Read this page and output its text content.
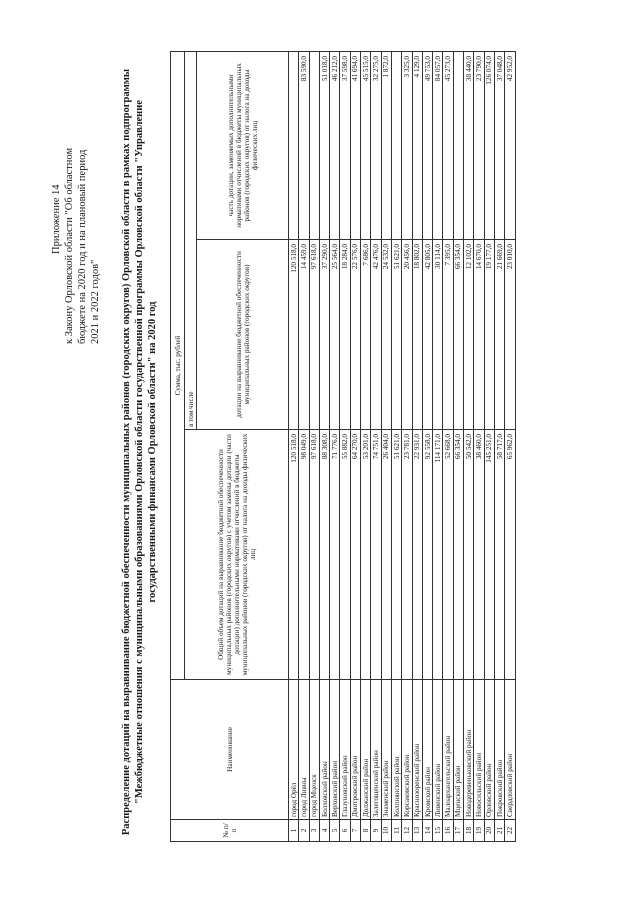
Приложение 14 к Закону Орловской области "Об областном бюджете на 2020 год и на плановый период 2021 и 2022 годов" Распределение дотаций на выравнивание бюджетной обеспеченности муниципальных районов (городских округов) Орловской области в рамках подпрограммы "Межбюджетные отношения с муниципальными образованиями Орловской области государственной программы Орловской области "Управление государственными финансами Орловской области" на 2020 год
№ п/п	Наименование	Сумма, тыс. рублей		
		Общий объем дотаций на выравнивание бюджетной обеспеченности муниципальных районов (городских округов) с учетом замены дотации (части дотации) дополнительными нормативами отчислений в бюджеты муниципальных районов (городских округов) от налога на доходы физических лиц	в том числе	
			дотации на выравнивание бюджетной обеспеченности муниципальных районов (городских округов)	часть дотации, заменяемых дополнительными нормативами отчислений в бюджеты муниципальных районов (городских округов) от налога на доходы физических лиц
1	город Орёл	120 518,0	120 518,0	
2	город Ливны	98 049,0	14 459,0	83 590,0
3	город Мценск	97 618,0	97 618,0	
4	Болховский район	88 308,0	37 290,0	51 018,0
5	Верховский район	71 776,0	25 564,0	46 212,0
6	Глазуновский район	55 882,0	18 284,0	37 598,0
7	Дмитровский район	64 270,0	22 576,0	41 694,0
8	Должанский район	53 201,0	7 686,0	45 515,0
9	Залегощенский район	74 751,0	42 476,0	32 275,0
10	Знаменский район	26 404,0	24 532,0	1 872,0
11	Колпнянский район	51 621,0	51 621,0	
12	Корсаковский район	23 781,0	20 456,0	3 325,0
13	Краснозоренский район	22 931,0	18 802,0	4 129,0
14	Кромской район	92 558,0	42 805,0	49 753,0
15	Ливенский район	114 171,0	30 114,0	84 057,0
16	Малоархангельский район	52 668,0	7 395,0	45 273,0
17	Мценский район	66 354,0	66 354,0	
18	Новодеревеньковский район	50 542,0	12 102,0	38 440,0
19	Новосильский район	38 460,0	14 670,0	23 790,0
20	Орловский район	145 251,0	19 177,0	126 074,0
21	Покровский район	58 717,0	21 669,0	37 048,0
22	Свердловский район	65 962,0	23 010,0	42 952,0
